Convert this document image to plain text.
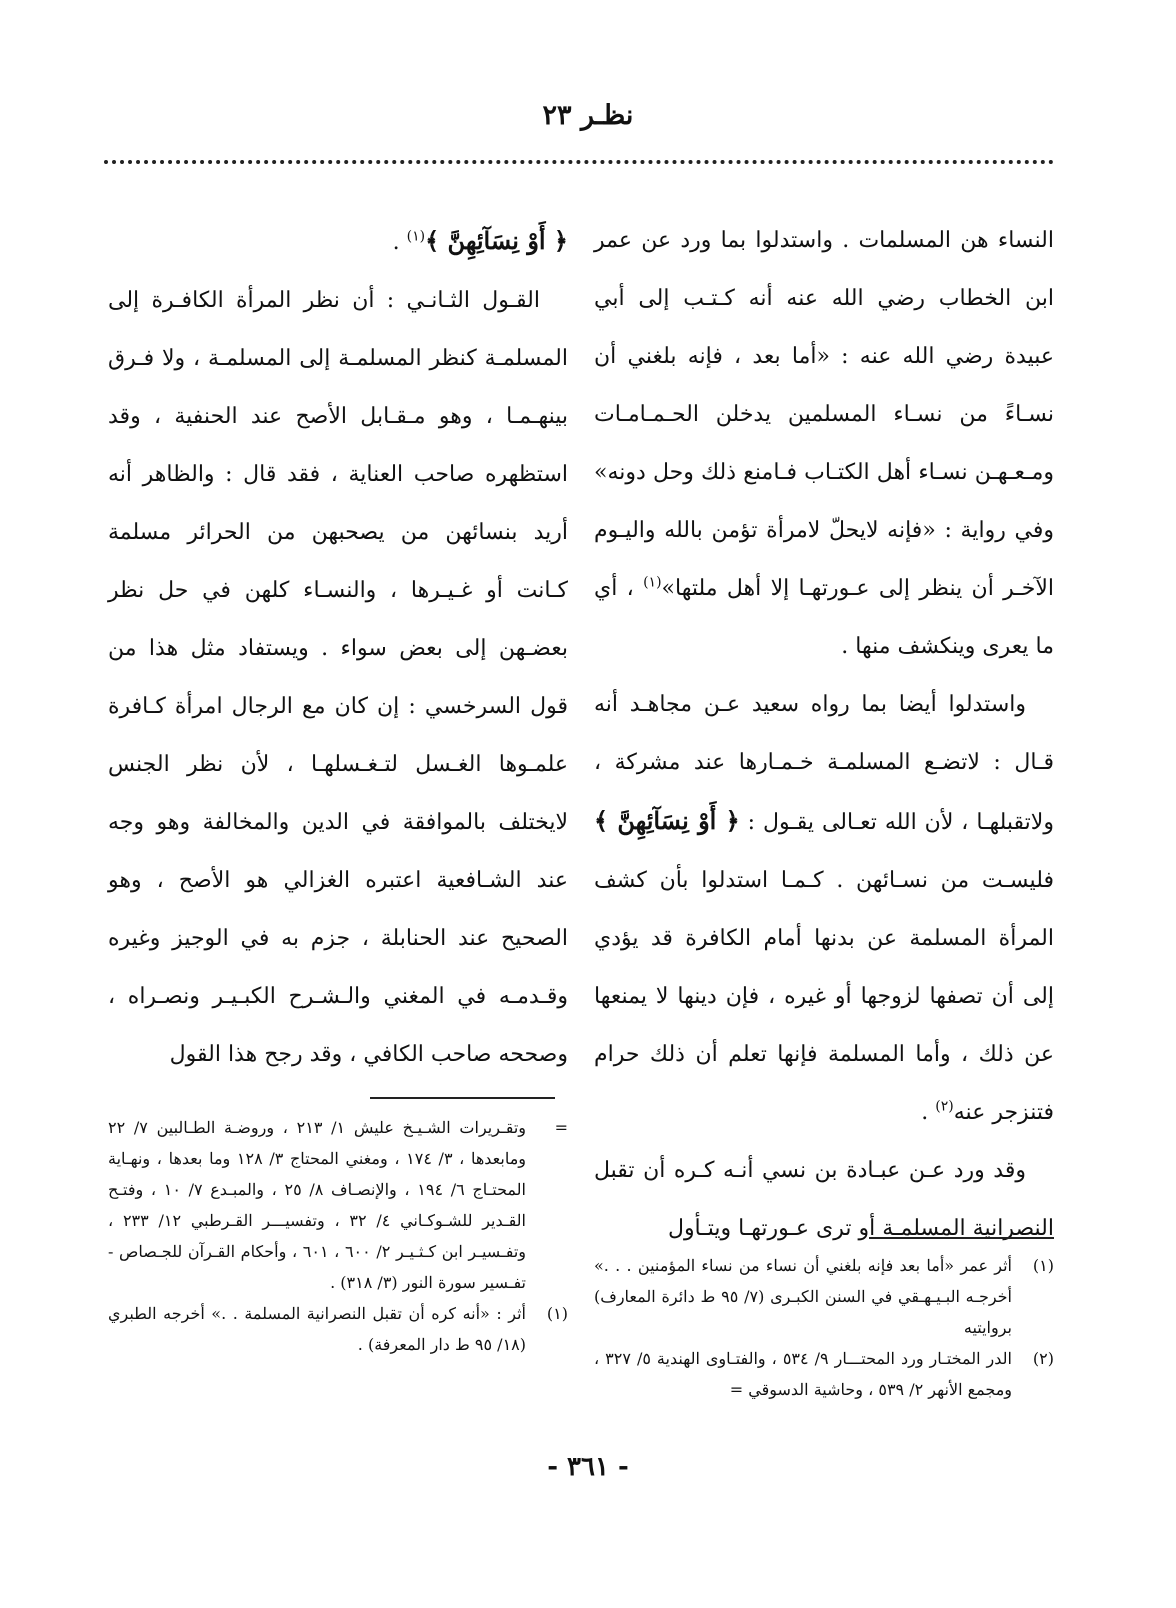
نظـر ٢٣

النساء هن المسلمات . واستدلوا بما ورد عن عمر ابن الخطاب رضي الله عنه أنه كـتـب إلى أبي عبيدة رضي الله عنه : «أما بعد ، فإنه بلغني أن نسـاءً من نسـاء المسلمين يدخلن الحـمـامـات ومـعـهـن نسـاء أهل الكتـاب فـامنع ذلك وحل دونه» وفي رواية : «فإنه لايحلّ لامرأة تؤمن بالله واليـوم الآخـر أن ينظر إلى عـورتهـا إلا أهل ملتها»$^{(١)}$ ، أي ما يعرى وينكشف منها .

واستدلوا أيضا بما رواه سعيد عـن مجاهـد أنه قـال : لاتضـع المسلمـة خـمـارها عند مشركة ، ولاتقبلهـا ، لأن الله تعـالى يقـول : ﴿ أَوْ نِسَآئِهِنَّ ﴾ فليسـت من نسـائهن . كـمـا استدلوا بأن كشف المرأة المسلمة عن بدنها أمام الكافرة قد يؤدي إلى أن تصفها لزوجها أو غيره ، فإن دينها لا يمنعها عن ذلك ، وأما المسلمة فإنها تعلم أن ذلك حرام فتنزجر عنه$^{(٢)}$ .

وقد ورد عـن عبـادة بن نسي أنـه كـره أن تقبل النصرانية المسلمـة أو ترى عـورتهـا ويتـأول

﴿ أَوْ نِسَآئِهِنَّ ﴾$^{(١)}$ .

القـول الثـانـي : أن نظر المرأة الكافـرة إلى المسلمـة كنظر المسلمـة إلى المسلمـة ، ولا فـرق بينهـمـا ، وهو مـقـابل الأصح عند الحنفية ، وقد استظهره صاحب العناية ، فقد قال : والظاهر أنه أريد بنسائهن من يصحبهن من الحرائر مسلمة كـانت أو غـيـرها ، والنسـاء كلهن في حل نظر بعضـهن إلى بعض سواء . ويستفاد مثل هذا من قول السرخسي : إن كان مع الرجال امرأة كـافرة علمـوها الغـسل لتـغـسلهـا ، لأن نظر الجنس لايختلف بالموافقة في الدين والمخالفة وهو وجه عند الشـافعية اعتبره الغزالي هو الأصح ، وهو الصحيح عند الحنابلة ، جزم به في الوجيز وغيره وقـدمـه في المغني والـشـرح الكبـيـر ونصـراه ، وصححه صاحب الكافي ، وقد رجح هذا القول

=
وتقـريرات الشـيـخ عليش ١/ ٢١٣ ، وروضـة الطـالبين ٧/ ٢٢ ومابعدها ، ٣/ ١٧٤ ، ومغني المحتاج ٣/ ١٢٨ وما بعدها ، ونهـاية المحتـاج ٦/ ١٩٤ ، والإنصـاف ٨/ ٢٥ ، والمبـدع ٧/ ١٠ ، وفتـح القـدير للشـوكـاني ٤/ ٣٢ ، وتفسيـــر القـرطبي ١٢/ ٢٣٣ ، وتفـسيـر ابن كـثـيـر ٢/ ٦٠٠ ، ٦٠١ ، وأحكام القـرآن للجـصاص - تفـسير سورة النور (٣/ ٣١٨) .
(١)
أثر : «أنه كره أن تقبل النصرانية المسلمة . .» أخرجه الطبري (١٨/ ٩٥ ط دار المعرفة) .
(١)
أثر عمر «أما بعد فإنه بلغني أن نساء من نساء المؤمنين . . .» أخرجـه البـيـهـقي في السنن الكبـرى (٧/ ٩٥ ط دائرة المعارف) بروايتيه
(٢)
الدر المختـار ورد المحتـــار ٩/ ٥٣٤ ، والفتـاوى الهندية ٥/ ٣٢٧ ، ومجمع الأنهر ٢/ ٥٣٩ ، وحاشية الدسوقي =
- ٣٦١ -
